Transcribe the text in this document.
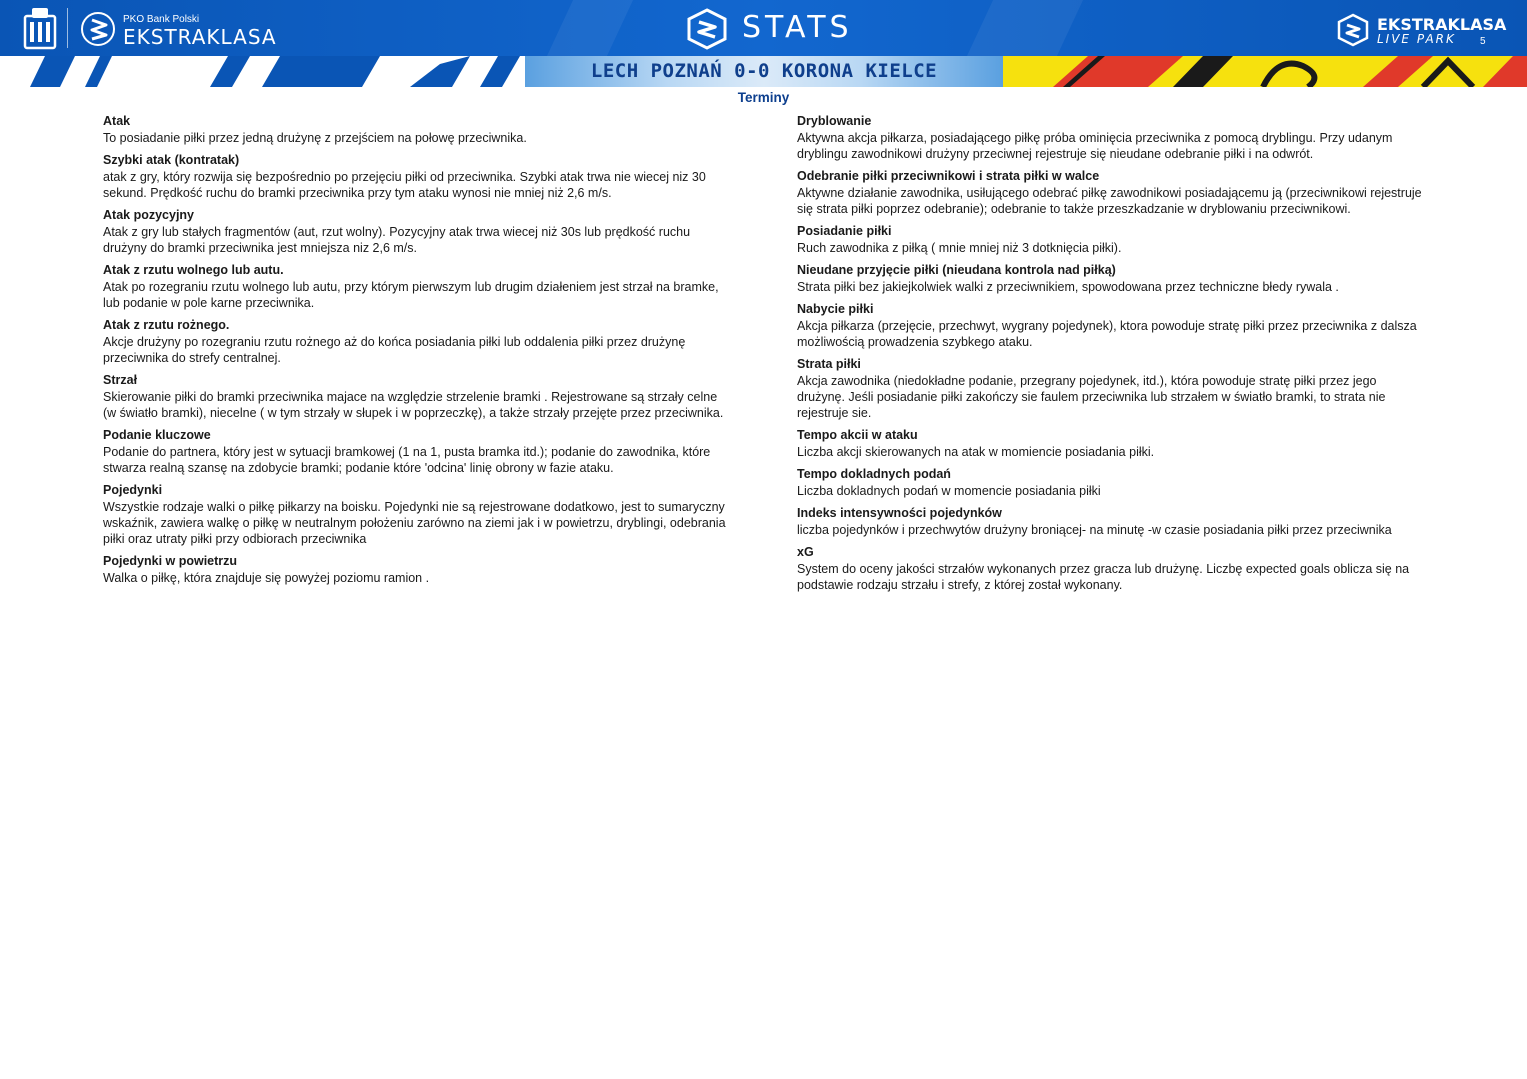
PKO Bank Polski
EKSTRAKLASA	STATS	EKSTRAKLASA
LIVE PARK 5
LECH POZNAŃ 0-0 KORONA KIELCE
Terminy
Atak
To posiadanie piłki przez jedną drużynę z przejściem na połowę przeciwnika.
Szybki atak (kontratak)
atak z gry, który rozwija się bezpośrednio po przejęciu piłki od przeciwnika. Szybki atak trwa nie wiecej niz 30 sekund. Prędkość ruchu do bramki przeciwnika przy tym ataku wynosi nie mniej niż 2,6 m/s.
Atak pozycyjny
Atak z gry lub stałych fragmentów (aut, rzut wolny). Pozycyjny atak trwa wiecej niż 30s lub prędkość ruchu drużyny do bramki przeciwnika jest mniejsza niz 2,6 m/s.
Atak z rzutu wolnego lub autu.
Atak po rozegraniu rzutu wolnego lub autu, przy którym pierwszym lub drugim działeniem jest strzał na bramke, lub podanie w pole karne przeciwnika.
Atak z rzutu rożnego.
Akcje drużyny po rozegraniu rzutu rożnego aż do końca posiadania piłki lub oddalenia piłki przez drużynę przeciwnika do strefy centralnej.
Strzał
Skierowanie piłki do bramki przeciwnika majace na względzie strzelenie bramki . Rejestrowane są strzały celne (w światło bramki), niecelne ( w tym strzały w słupek i w poprzeczkę), a także strzały przejęte przez przeciwnika.
Podanie kluczowe
Podanie do partnera, który jest w sytuacji bramkowej (1 na 1, pusta bramka itd.); podanie do zawodnika, które stwarza realną szansę na zdobycie bramki; podanie które 'odcina' linię obrony w fazie ataku.
Pojedynki
Wszystkie rodzaje walki o piłkę piłkarzy na boisku. Pojedynki nie są rejestrowane dodatkowo, jest to sumaryczny wskaźnik, zawiera walkę o piłkę w neutralnym położeniu zarówno na ziemi jak i w powietrzu, dryblingi, odebrania piłki oraz utraty piłki przy odbiorach przeciwnika
Pojedynki w powietrzu
Walka o piłkę, która znajduje się powyżej poziomu ramion .
Dryblowanie
Aktywna akcja piłkarza, posiadającego piłkę próba ominięcia przeciwnika z pomocą dryblingu. Przy udanym dryblingu zawodnikowi drużyny przeciwnej rejestruje się nieudane odebranie piłki i na odwrót.
Odebranie piłki przeciwnikowi i strata piłki w walce
Aktywne działanie zawodnika, usiłującego odebrać piłkę zawodnikowi posiadającemu ją (przeciwnikowi rejestruje się strata piłki poprzez odebranie); odebranie to także przeszkadzanie w dryblowaniu przeciwnikowi.
Posiadanie piłki
Ruch zawodnika z piłką ( mnie mniej niż 3 dotknięcia piłki).
Nieudane przyjęcie piłki (nieudana kontrola nad piłką)
Strata piłki bez jakiejkolwiek walki z przeciwnikiem, spowodowana przez techniczne błedy rywala .
Nabycie piłki
Akcja piłkarza (przejęcie, przechwyt, wygrany pojedynek), ktora powoduje stratę piłki przez przeciwnika z dalsza możliwością prowadzenia szybkego ataku.
Strata piłki
Akcja zawodnika (niedokładne podanie, przegrany pojedynek, itd.), która powoduje stratę piłki przez jego drużynę. Jeśli posiadanie piłki zakończy sie faulem przeciwnika lub strzałem w światło bramki, to strata nie rejestruje sie.
Tempo akcii w ataku
Liczba akcji skierowanych na atak w momiencie posiadania piłki.
Tempo dokladnych podań
Liczba dokladnych podań w momencie posiadania piłki
Indeks intensywności pojedynków
liczba pojedynków i przechwytów drużyny broniącej- na minutę -w czasie posiadania piłki przez przeciwnika
xG
System do oceny jakości strzałów wykonanych przez gracza lub drużynę. Liczbę expected goals oblicza się na podstawie rodzaju strzału i strefy, z której został wykonany.
